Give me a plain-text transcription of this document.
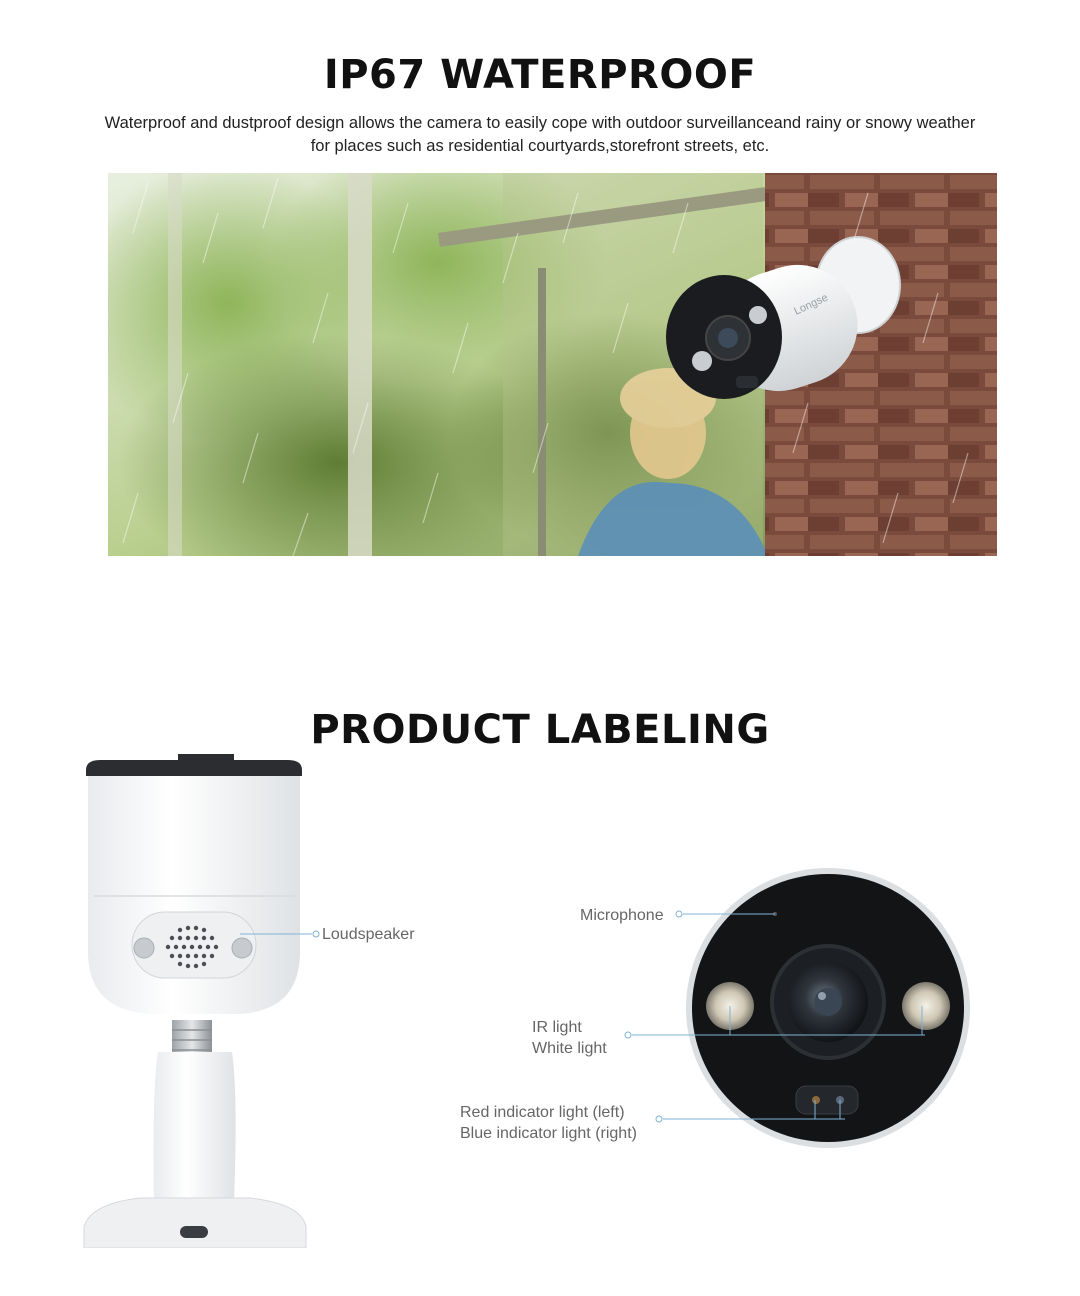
IP67 WATERPROOF
Waterproof and dustproof design allows the camera to easily cope with outdoor surveillanceand rainy or snowy weather
for places such as residential courtyards,storefront streets, etc.
Longse
PRODUCT LABELING
Loudspeaker
Microphone
IR light
White light
Red indicator light (left)
Blue indicator light (right)
